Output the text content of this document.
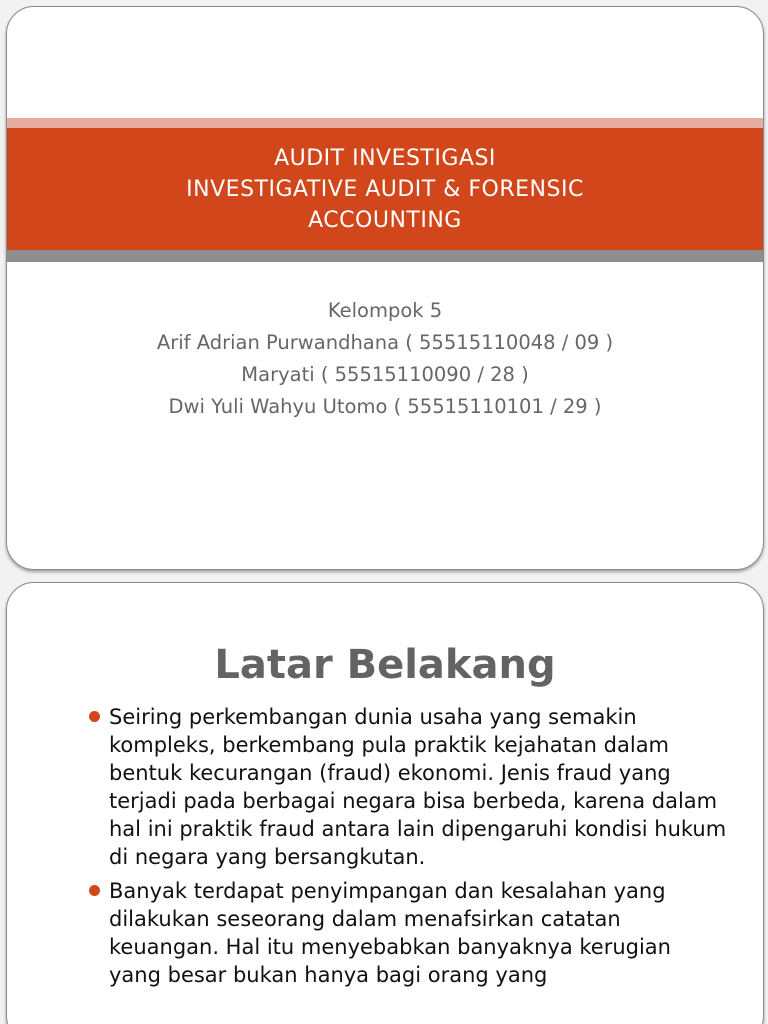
AUDIT INVESTIGASI
INVESTIGATIVE AUDIT & FORENSIC
ACCOUNTING
Kelompok 5
Arif Adrian Purwandhana ( 55515110048 / 09 )
Maryati ( 55515110090 / 28 )
Dwi Yuli Wahyu Utomo ( 55515110101 / 29 )
Latar Belakang
Seiring perkembangan dunia usaha yang semakin kompleks, berkembang pula praktik kejahatan dalam bentuk kecurangan (fraud) ekonomi. Jenis fraud yang terjadi pada berbagai negara bisa berbeda, karena dalam hal ini praktik fraud antara lain dipengaruhi kondisi hukum di negara yang bersangkutan.
Banyak terdapat penyimpangan dan kesalahan yang dilakukan seseorang dalam menafsirkan catatan keuangan. Hal itu menyebabkan banyaknya kerugian yang besar bukan hanya bagi orang yang
